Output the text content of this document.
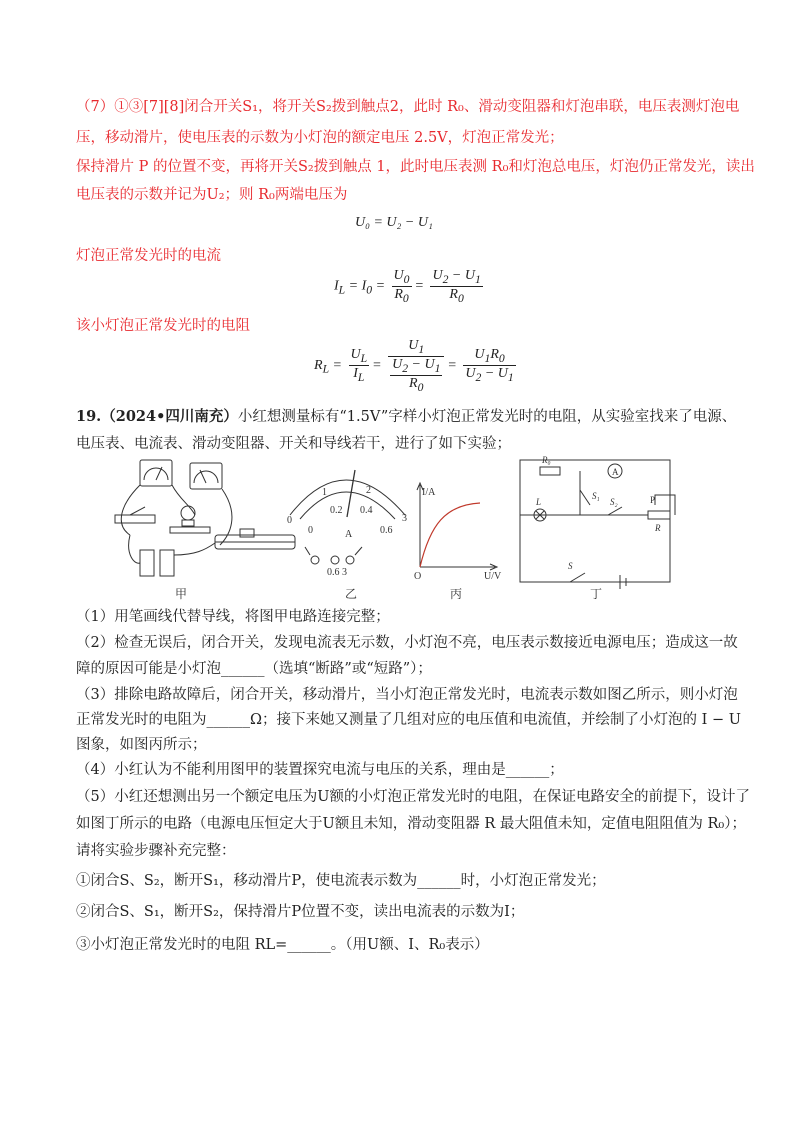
（7）①③[7][8]闭合开关S₁，将开关S₂拨到触点2，此时 R₀、滑动变阻器和灯泡串联，电压表测灯泡电
压，移动滑片，使电压表的示数为小灯泡的额定电压 2.5V，灯泡正常发光；
保持滑片 P 的位置不变，再将开关S₂拨到触点 1，此时电压表测 R₀和灯泡总电压，灯泡仍正常发光，读出
电压表的示数并记为U₂；则 R₀两端电压为
U₀ = U₂ − U₁
灯泡正常发光时的电流
$I_L = I_0 = \frac{U_0}{R_0} = \frac{U_2 - U_1}{R_0}$
该小灯泡正常发光时的电阻
$R_L = \frac{U_L}{I_L} = \frac{U_1}{\frac{U_2 - U_1}{R_0}} = \frac{U_1R_0}{U_2 - U_1}$
19.（2024•四川南充）小红想测量标有“1.5V”字样小灯泡正常发光时的电阻，从实验室找来了电源、
电压表、电流表、滑动变阻器、开关和导线若干，进行了如下实验；
甲
0
1	2
3
0
0.2 0.4
0.6
A
0.6 3
乙
I/A
U/V
O
丙
R₀
A
L
S₁
S₂	P
R
S
丁
（1）用笔画线代替导线，将图甲电路连接完整；
（2）检查无误后，闭合开关，发现电流表无示数，小灯泡不亮，电压表示数接近电源电压；造成这一故
障的原因可能是小灯泡______（选填“断路”或“短路”）；
（3）排除电路故障后，闭合开关，移动滑片，当小灯泡正常发光时，电流表示数如图乙所示，则小灯泡
正常发光时的电阻为______Ω；接下来她又测量了几组对应的电压值和电流值，并绘制了小灯泡的 I − U
图象，如图丙所示；
（4）小红认为不能利用图甲的装置探究电流与电压的关系，理由是______；
（5）小红还想测出另一个额定电压为U额的小灯泡正常发光时的电阻，在保证电路安全的前提下，设计了
如图丁所示的电路（电源电压恒定大于U额且未知，滑动变阻器 R 最大阻值未知，定值电阻阻值为 R₀）；
请将实验步骤补充完整：
①闭合S、S₂，断开S₁，移动滑片P，使电流表示数为______时，小灯泡正常发光；
②闭合S、S₁，断开S₂，保持滑片P位置不变，读出电流表的示数为I；
③小灯泡正常发光时的电阻 RL=______。（用U额、I、R₀表示）
